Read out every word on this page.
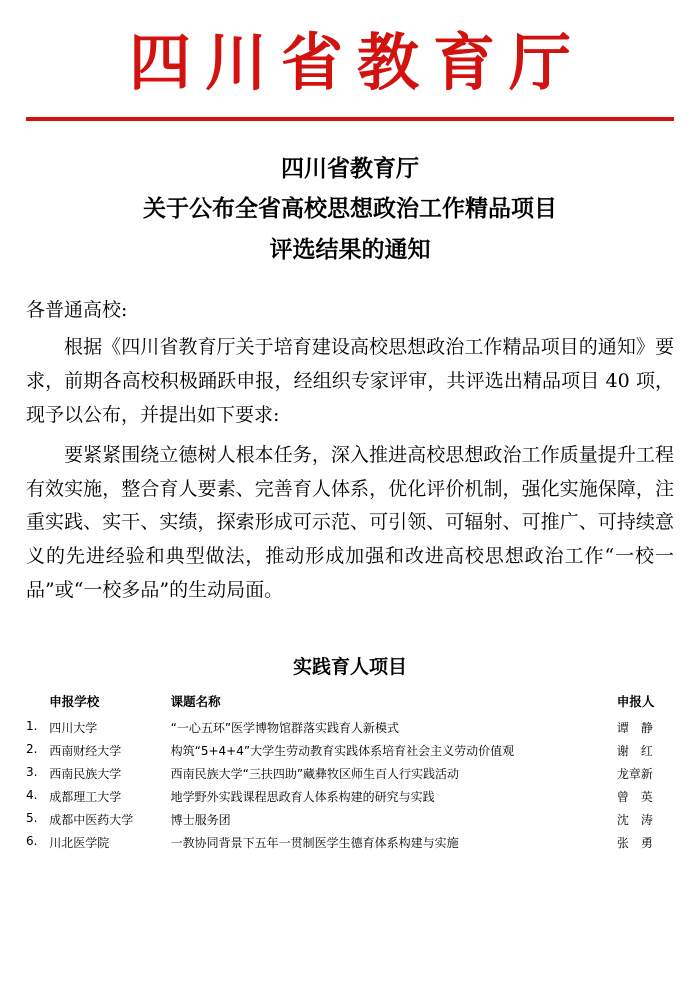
四川省教育厅
四川省教育厅
关于公布全省高校思想政治工作精品项目
评选结果的通知
各普通高校:
根据《四川省教育厅关于培育建设高校思想政治工作精品项目的通知》要求，前期各高校积极踊跃申报，经组织专家评审，共评选出精品项目 40 项，现予以公布，并提出如下要求:
要紧紧围绕立德树人根本任务，深入推进高校思想政治工作质量提升工程有效实施，整合育人要素、完善育人体系，优化评价机制，强化实施保障，注重实践、实干、实绩，探索形成可示范、可引领、可辐射、可推广、可持续意义的先进经验和典型做法，推动形成加强和改进高校思想政治工作“一校一品”或“一校多品”的生动局面。
实践育人项目
	申报学校	课题名称	申报人
1.	四川大学	“一心五环”医学博物馆群落实践育人新模式	谭　静
2.	西南财经大学	构筑“5+4+4”大学生劳动教育实践体系培育社会主义劳动价值观	谢　红
3.	西南民族大学	西南民族大学“三扶四助”藏彝牧区师生百人行实践活动	龙章新
4.	成都理工大学	地学野外实践课程思政育人体系构建的研究与实践	曾　英
5.	成都中医药大学	博士服务团	沈　涛
6.	川北医学院	一教协同背景下五年一贯制医学生德育体系构建与实施	张　勇
